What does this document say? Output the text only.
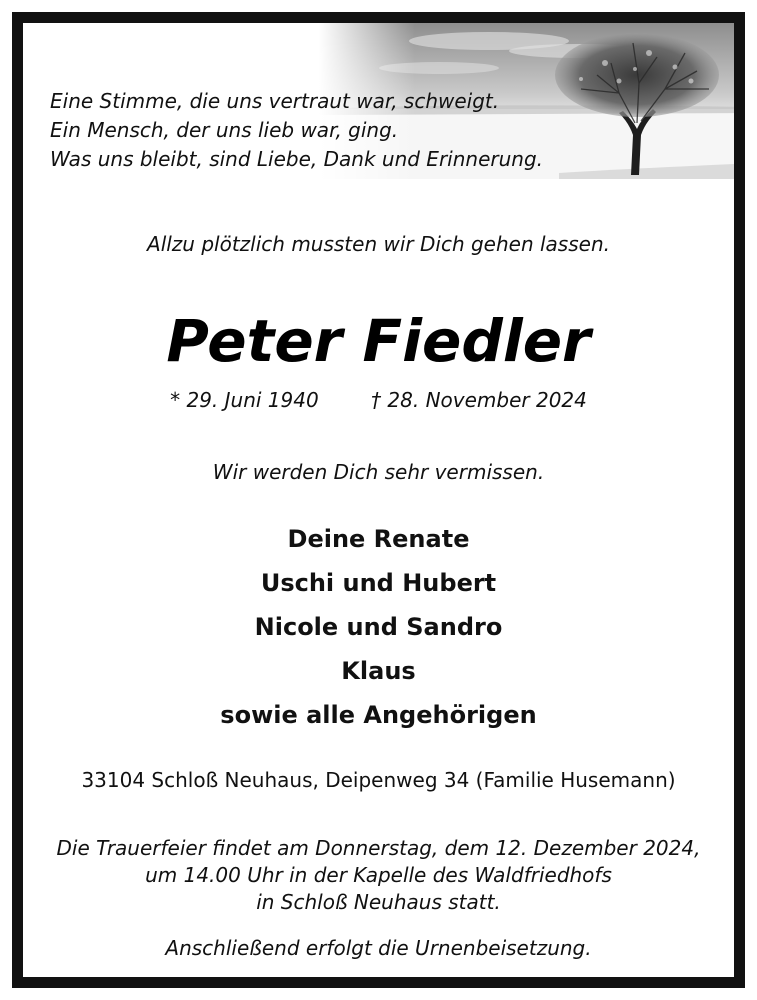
Eine Stimme, die uns vertraut war, schweigt.
Ein Mensch, der uns lieb war, ging.
Was uns bleibt, sind Liebe, Dank und Erinnerung.
Allzu plötzlich mussten wir Dich gehen lassen.
Peter Fiedler
* 29. Juni 1940	† 28. November 2024
Wir werden Dich sehr vermissen.
Deine Renate
Uschi und Hubert
Nicole und Sandro
Klaus
sowie alle Angehörigen
33104 Schloß Neuhaus, Deipenweg 34 (Familie Husemann)
Die Trauerfeier findet am Donnerstag, dem 12. Dezember 2024,
um 14.00 Uhr in der Kapelle des Waldfriedhofs
in Schloß Neuhaus statt.
Anschließend erfolgt die Urnenbeisetzung.
